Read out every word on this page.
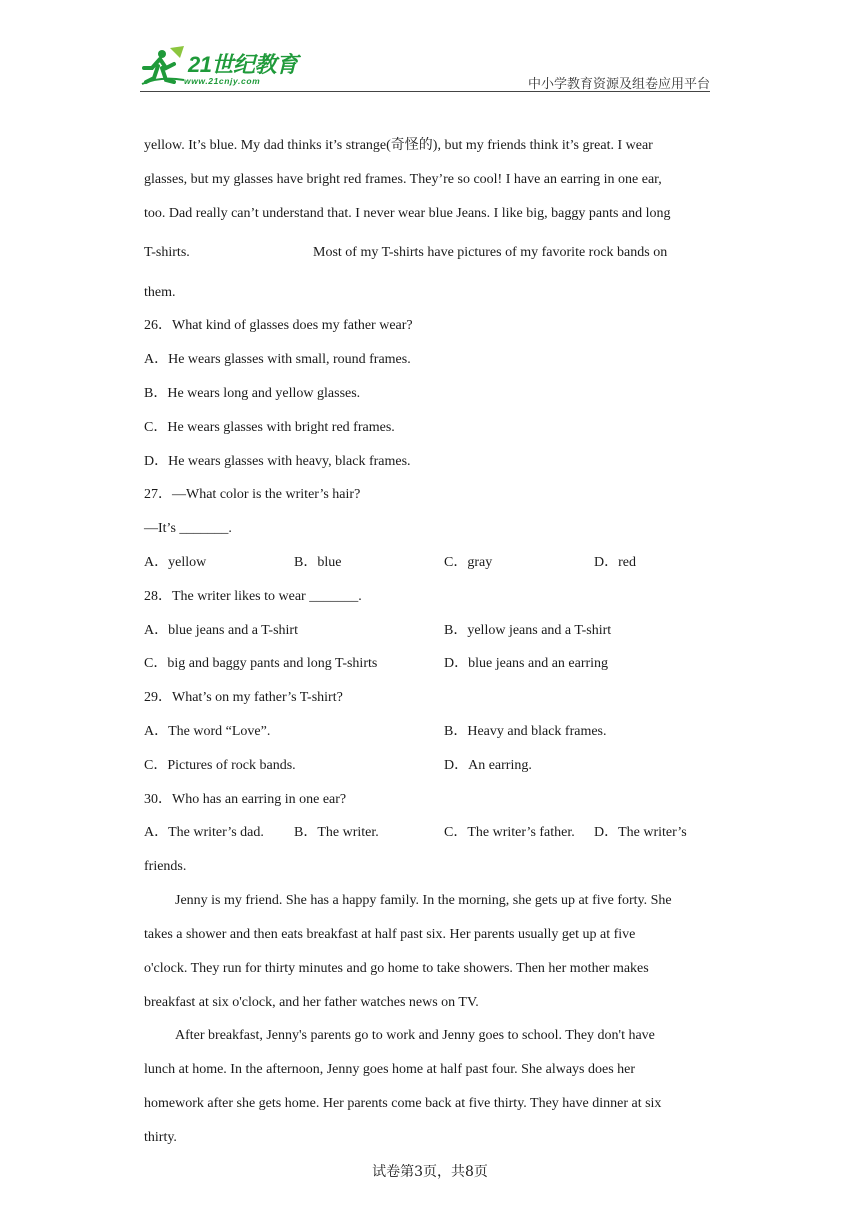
21世纪教育
www.21cnjy.com	中小学教育资源及组卷应用平台
yellow. It’s blue. My dad thinks it’s strange(奇怪的), but my friends think it’s great. I wear
glasses, but my glasses have bright red frames. They’re so cool! I have an earring in one ear,
too. Dad really can’t understand that. I never wear blue Jeans. I like big, baggy pants and long
T-shirts.	Most of my T-shirts have pictures of my favorite rock bands on
them.
26．What kind of glasses does my father wear?
A．He wears glasses with small, round frames.
B．He wears long and yellow glasses.
C．He wears glasses with bright red frames.
D．He wears glasses with heavy, black frames.
27．—What color is the writer’s hair?
—It’s _______.
A．yellow	B．blue	C．gray	D．red
28．The writer likes to wear _______.
A．blue jeans and a T-shirt	B．yellow jeans and a T-shirt
C．big and baggy pants and long T-shirts	D．blue jeans and an earring
29．What’s on my father’s T-shirt?
A．The word “Love”.	B．Heavy and black frames.
C．Pictures of rock bands.	D．An earring.
30．Who has an earring in one ear?
A．The writer’s dad. B．The writer.	C．The writer’s father. D．The writer’s
friends.
Jenny is my friend. She has a happy family. In the morning, she gets up at five forty. She
takes a shower and then eats breakfast at half past six. Her parents usually get up at five
o'clock. They run for thirty minutes and go home to take showers. Then her mother makes
breakfast at six o'clock, and her father watches news on TV.
After breakfast, Jenny's parents go to work and Jenny goes to school. They don't have
lunch at home. In the afternoon, Jenny goes home at half past four. She always does her
homework after she gets home. Her parents come back at five thirty. They have dinner at six
thirty.
试卷第3页，共8页
